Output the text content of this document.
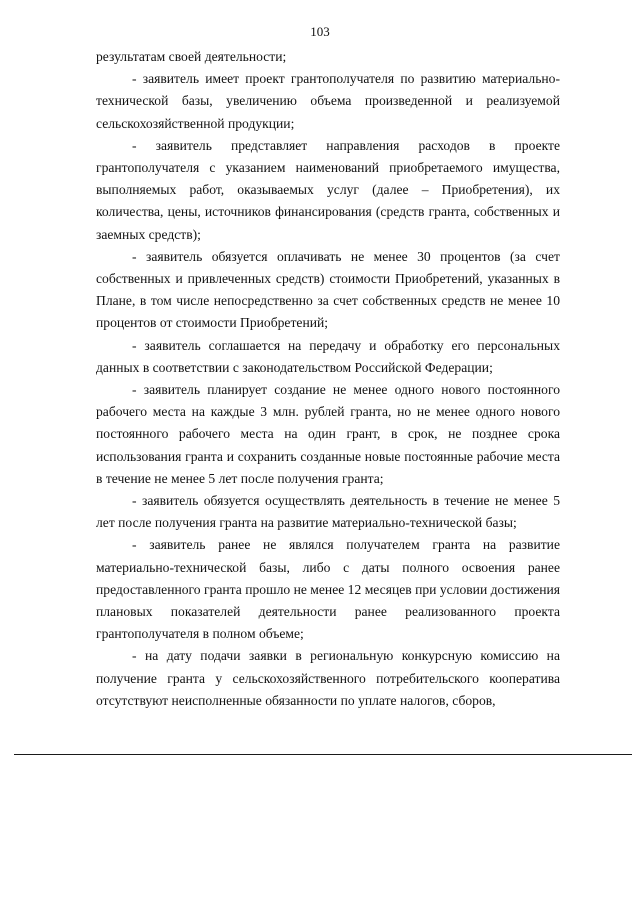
103

результатам своей деятельности;

- заявитель имеет проект грантополучателя по развитию материально-технической базы, увеличению объема произведенной и реализуемой сельскохозяйственной продукции;

- заявитель представляет направления расходов в проекте грантополучателя с указанием наименований приобретаемого имущества, выполняемых работ, оказываемых услуг (далее – Приобретения), их количества, цены, источников финансирования (средств гранта, собственных и заемных средств);

- заявитель обязуется оплачивать не менее 30 процентов (за счет собственных и привлеченных средств) стоимости Приобретений, указанных в Плане, в том числе непосредственно за счет собственных средств не менее 10 процентов от стоимости Приобретений;

- заявитель соглашается на передачу и обработку его персональных данных в соответствии с законодательством Российской Федерации;

- заявитель планирует создание не менее одного нового постоянного рабочего места на каждые 3 млн. рублей гранта, но не менее одного нового постоянного рабочего места на один грант, в срок, не позднее срока использования гранта и сохранить созданные новые постоянные рабочие места в течение не менее 5 лет после получения гранта;

- заявитель обязуется осуществлять деятельность в течение не менее 5 лет после получения гранта на развитие материально-технической базы;

- заявитель ранее не являлся получателем гранта на развитие материально-технической базы, либо с даты полного освоения ранее предоставленного гранта прошло не менее 12 месяцев при условии достижения плановых показателей деятельности ранее реализованного проекта грантополучателя в полном объеме;

- на дату подачи заявки в региональную конкурсную комиссию на получение гранта у сельскохозяйственного потребительского кооператива отсутствуют неисполненные обязанности по уплате налогов, сборов,
